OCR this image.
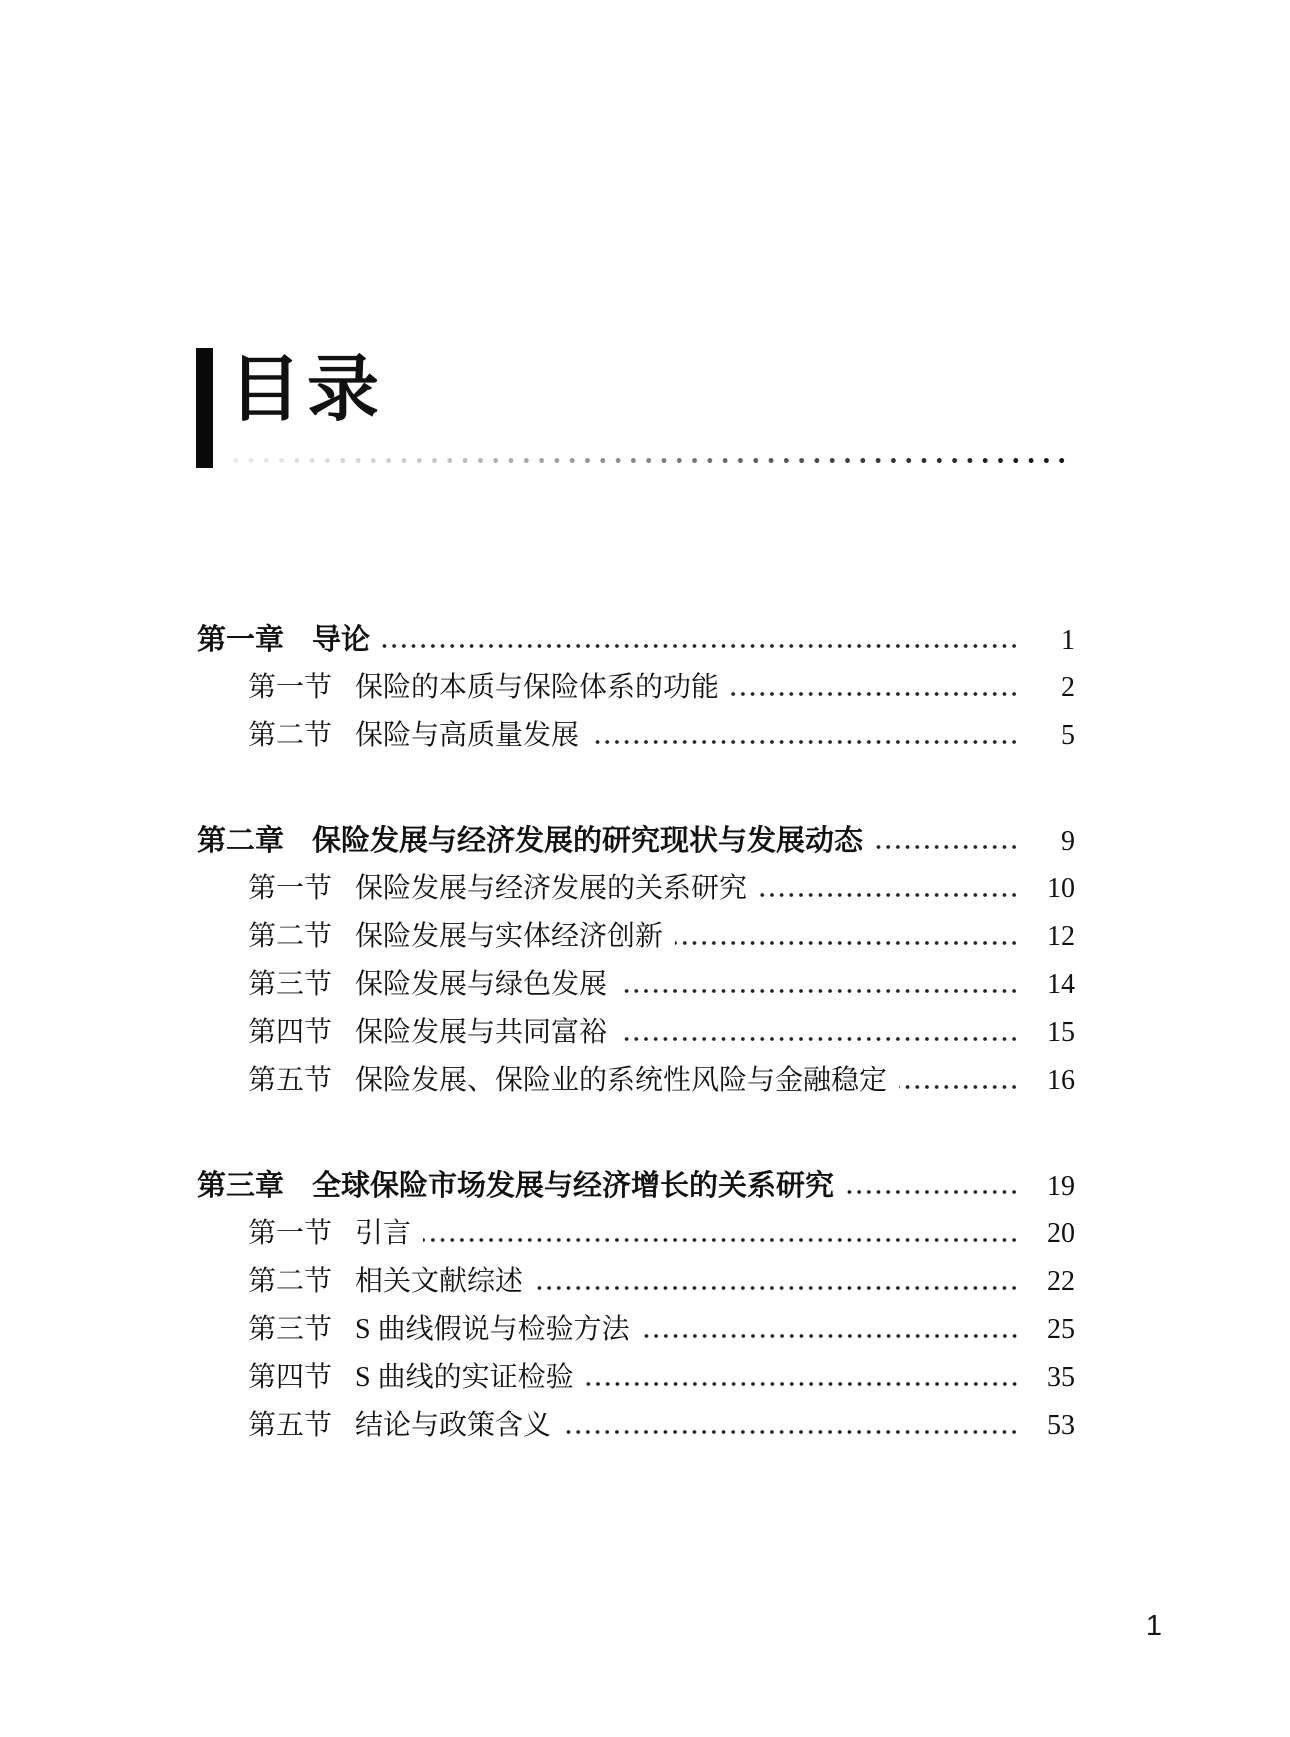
目录
第一章 导论	1
第一节 保险的本质与保险体系的功能	2
第二节 保险与高质量发展	5
第二章 保险发展与经济发展的研究现状与发展动态	9
第一节 保险发展与经济发展的关系研究	10
第二节 保险发展与实体经济创新	12
第三节 保险发展与绿色发展	14
第四节 保险发展与共同富裕	15
第五节 保险发展、保险业的系统性风险与金融稳定	16
第三章 全球保险市场发展与经济增长的关系研究	19
第一节 引言	20
第二节 相关文献综述	22
第三节 S 曲线假说与检验方法	25
第四节 S 曲线的实证检验	35
第五节 结论与政策含义	53
1
